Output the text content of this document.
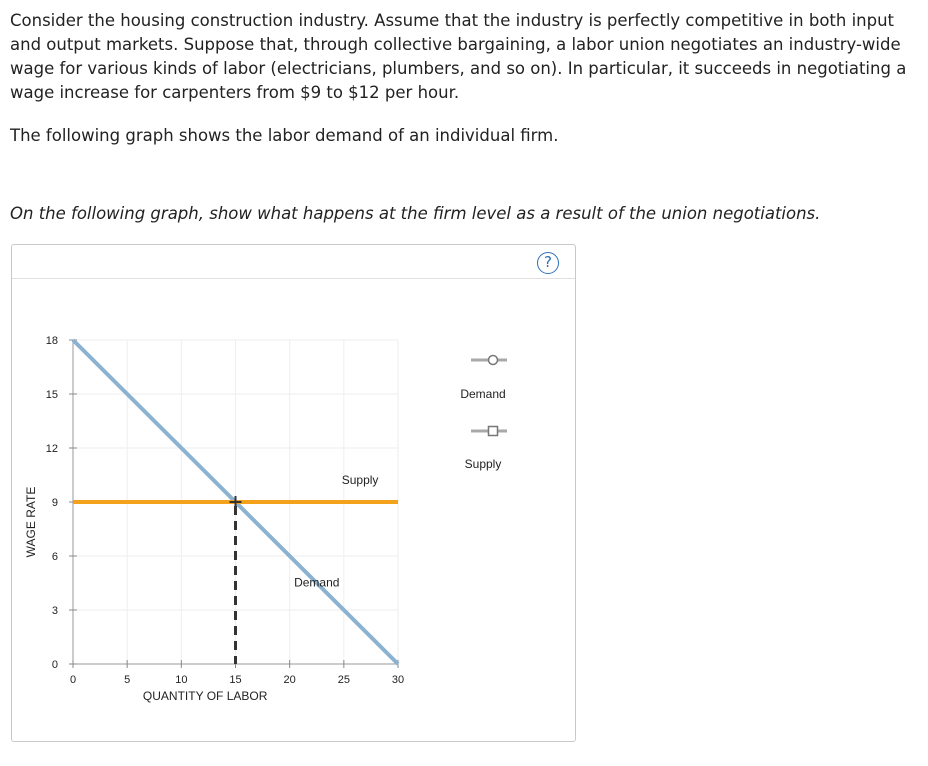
Consider the housing construction industry. Assume that the industry is perfectly competitive in both input and output markets. Suppose that, through collective bargaining, a labor union negotiates an industry-wide wage for various kinds of labor (electricians, plumbers, and so on). In particular, it succeeds in negotiating a wage increase for carpenters from $9 to $12 per hour.

The following graph shows the labor demand of an individual firm.

On the following graph, show what happens at the firm level as a result of the union negotiations.

?
0	5	10	15	20	25	30
0
3
6
9
12
15
18
Demand
Supply
Demand
Supply
QUANTITY OF LABOR
WAGE RATE
